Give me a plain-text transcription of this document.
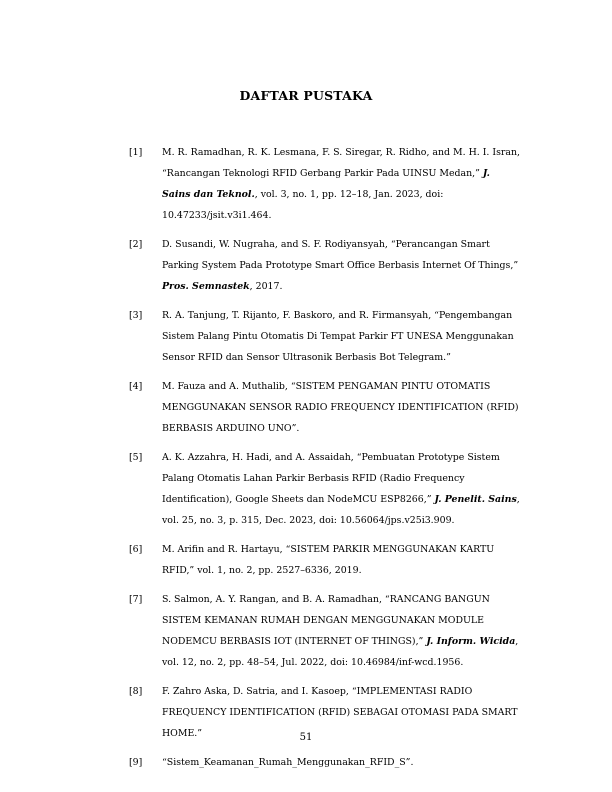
DAFTAR PUSTAKA
[1] M. R. Ramadhan, R. K. Lesmana, F. S. Siregar, R. Ridho, and M. H. I. Isran, “Rancangan Teknologi RFID Gerbang Parkir Pada UINSU Medan,” J. Sains dan Teknol., vol. 3, no. 1, pp. 12–18, Jan. 2023, doi: 10.47233/jsit.v3i1.464.
[2] D. Susandi, W. Nugraha, and S. F. Rodiyansyah, “Perancangan Smart Parking System Pada Prototype Smart Office Berbasis Internet Of Things,” Pros. Semnastek, 2017.
[3] R. A. Tanjung, T. Rijanto, F. Baskoro, and R. Firmansyah, “Pengembangan Sistem Palang Pintu Otomatis Di Tempat Parkir FT UNESA Menggunakan Sensor RFID dan Sensor Ultrasonik Berbasis Bot Telegram.”
[4] M. Fauza and A. Muthalib, “SISTEM PENGAMAN PINTU OTOMATIS MENGGUNAKAN SENSOR RADIO FREQUENCY IDENTIFICATION (RFID) BERBASIS ARDUINO UNO”.
[5] A. K. Azzahra, H. Hadi, and A. Assaidah, “Pembuatan Prototype Sistem Palang Otomatis Lahan Parkir Berbasis RFID (Radio Frequency Identification), Google Sheets dan NodeMCU ESP8266,” J. Penelit. Sains, vol. 25, no. 3, p. 315, Dec. 2023, doi: 10.56064/jps.v25i3.909.
[6] M. Arifin and R. Hartayu, “SISTEM PARKIR MENGGUNAKAN KARTU RFID,” vol. 1, no. 2, pp. 2527–6336, 2019.
[7] S. Salmon, A. Y. Rangan, and B. A. Ramadhan, “RANCANG BANGUN SISTEM KEMANAN RUMAH DENGAN MENGGUNAKAN MODULE NODEMCU BERBASIS IOT (INTERNET OF THINGS),” J. Inform. Wicida, vol. 12, no. 2, pp. 48–54, Jul. 2022, doi: 10.46984/inf-wcd.1956.
[8] F. Zahro Aska, D. Satria, and I. Kasoep, “IMPLEMENTASI RADIO FREQUENCY IDENTIFICATION (RFID) SEBAGAI OTOMASI PADA SMART HOME.”
[9] “Sistem_Keamanan_Rumah_Menggunakan_RFID_S”.
51
